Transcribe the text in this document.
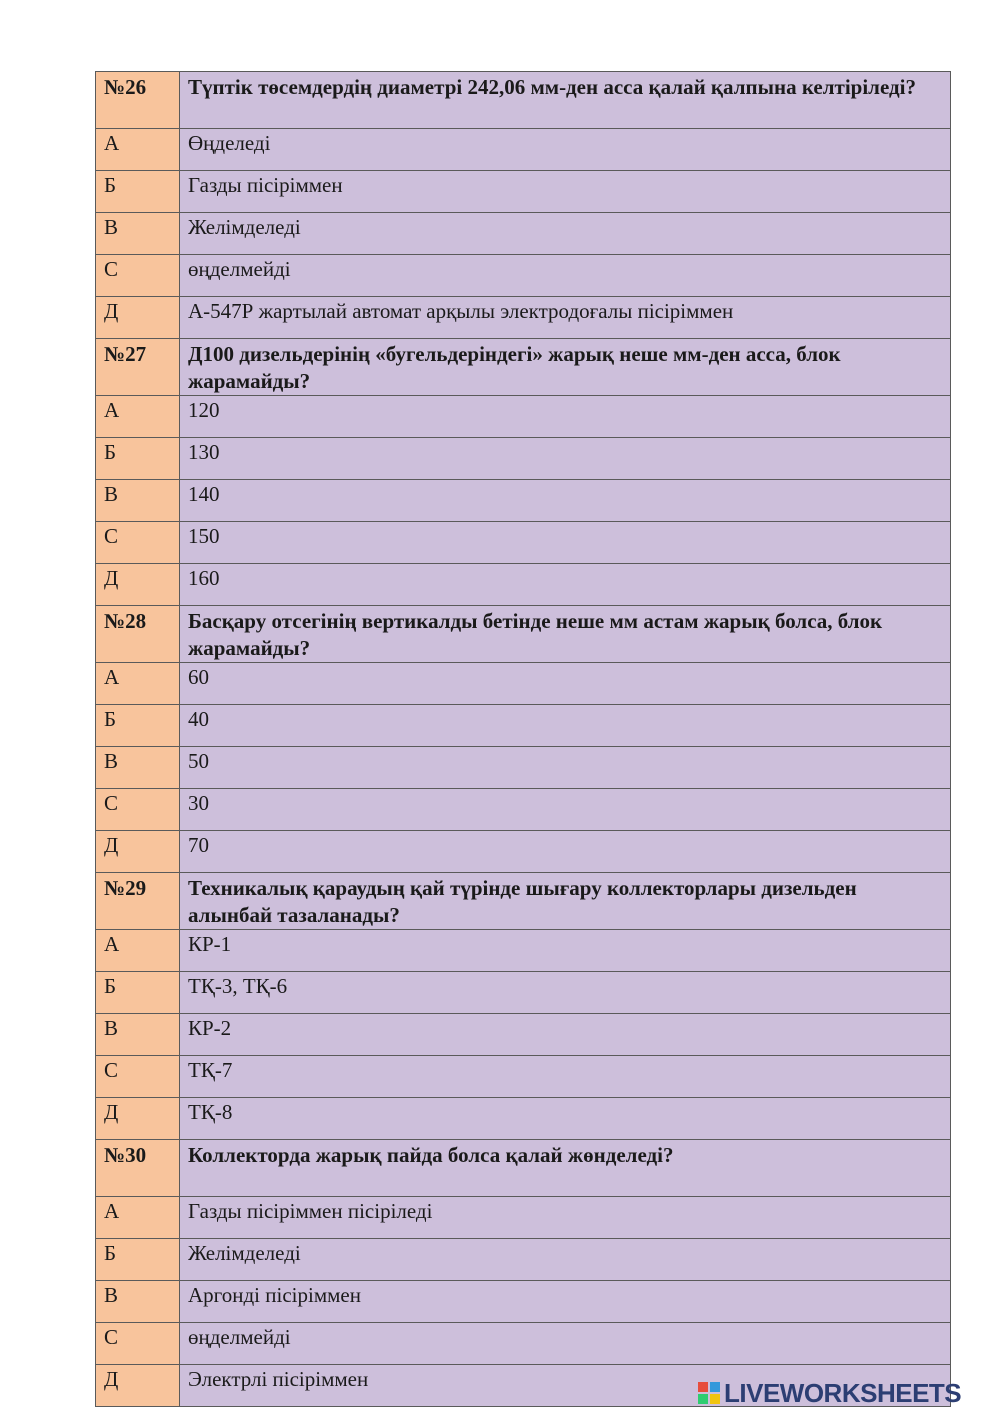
№26	Түптік төсемдердің диаметрі 242,06 мм-ден асса қалай қалпына келтіріледі?
А	Өңделеді
Б	Газды пісіріммен
В	Желімделеді
С	өңделмейді
Д	А-547Р жартылай автомат арқылы электродоғалы пісіріммен
№27	Д100 дизельдерінің «бугельдеріндегі» жарық неше мм-ден асса, блок жарамайды?
А	120
Б	130
В	140
С	150
Д	160
№28	Басқару отсегінің вертикалды бетінде неше мм астам жарық болса, блок жарамайды?
А	60
Б	40
В	50
С	30
Д	70
№29	Техникалық қараудың қай түрінде шығару коллекторлары дизельден алынбай тазаланады?
А	КР-1
Б	ТҚ-3, ТҚ-6
В	КР-2
С	ТҚ-7
Д	ТҚ-8
№30	Коллекторда жарық пайда болса қалай жөнделеді?
А	Газды пісіріммен пісіріледі
Б	Желімделеді
В	Аргонді пісіріммен
С	өңделмейді
Д	Электрлі пісіріммен	LIVEWORKSHEETS
